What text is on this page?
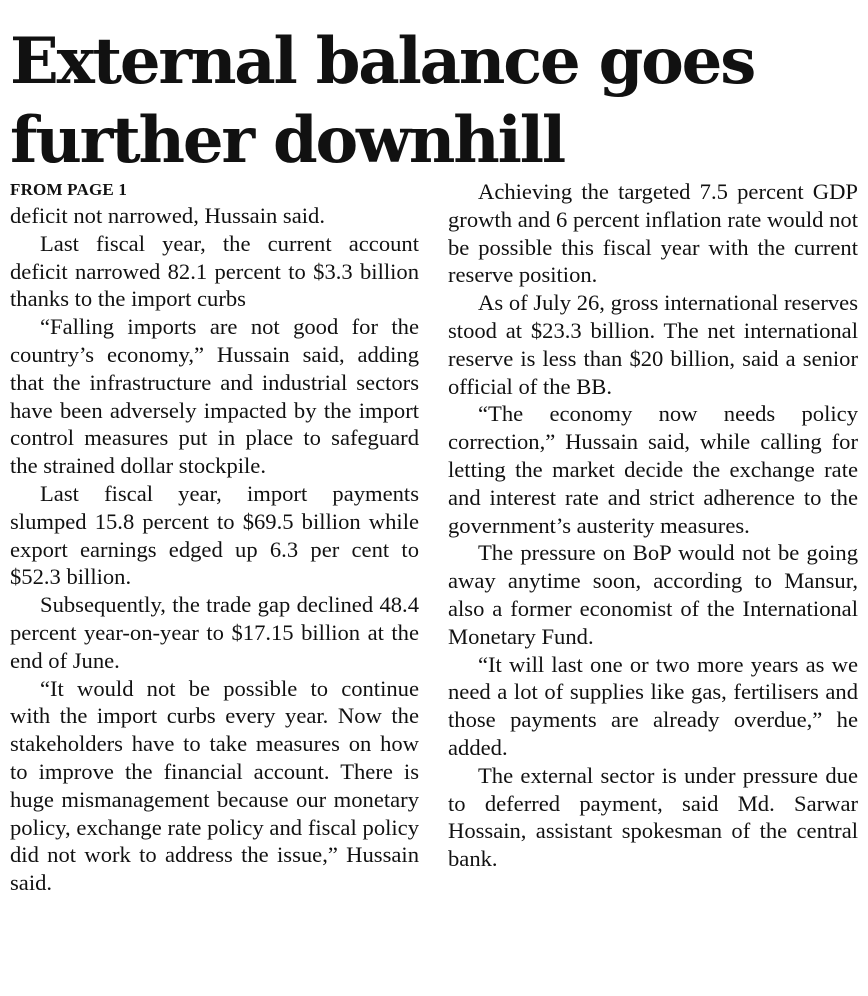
External balance goes further downhill
FROM PAGE 1

deficit not narrowed, Hussain said.

Last fiscal year, the current account deficit narrowed 82.1 percent to $3.3 billion thanks to the import curbs

“Falling imports are not good for the country’s economy,” Hussain said, adding that the infrastructure and industrial sectors have been adversely impacted by the import control measures put in place to safeguard the strained dollar stockpile.

Last fiscal year, import payments slumped 15.8 percent to $69.5 billion while export earnings edged up 6.3 per cent to $52.3 billion.

Subsequently, the trade gap declined 48.4 percent year-on-year to $17.15 billion at the end of June.

“It would not be possible to continue with the import curbs every year. Now the stakeholders have to take measures on how to improve the financial account. There is huge mismanagement because our monetary policy, exchange rate policy and fiscal policy did not work to address the issue,” Hussain said.

Achieving the targeted 7.5 percent GDP growth and 6 percent inflation rate would not be possible this fiscal year with the current reserve position.

As of July 26, gross international reserves stood at $23.3 billion. The net international reserve is less than $20 billion, said a senior official of the BB.

“The economy now needs policy correction,” Hussain said, while calling for letting the market decide the exchange rate and interest rate and strict adherence to the government’s austerity measures.

The pressure on BoP would not be going away anytime soon, according to Mansur, also a former economist of the International Monetary Fund.

“It will last one or two more years as we need a lot of supplies like gas, fertilisers and those payments are already overdue,” he added.

The external sector is under pressure due to deferred payment, said Md. Sarwar Hossain, assistant spokesman of the central bank.
